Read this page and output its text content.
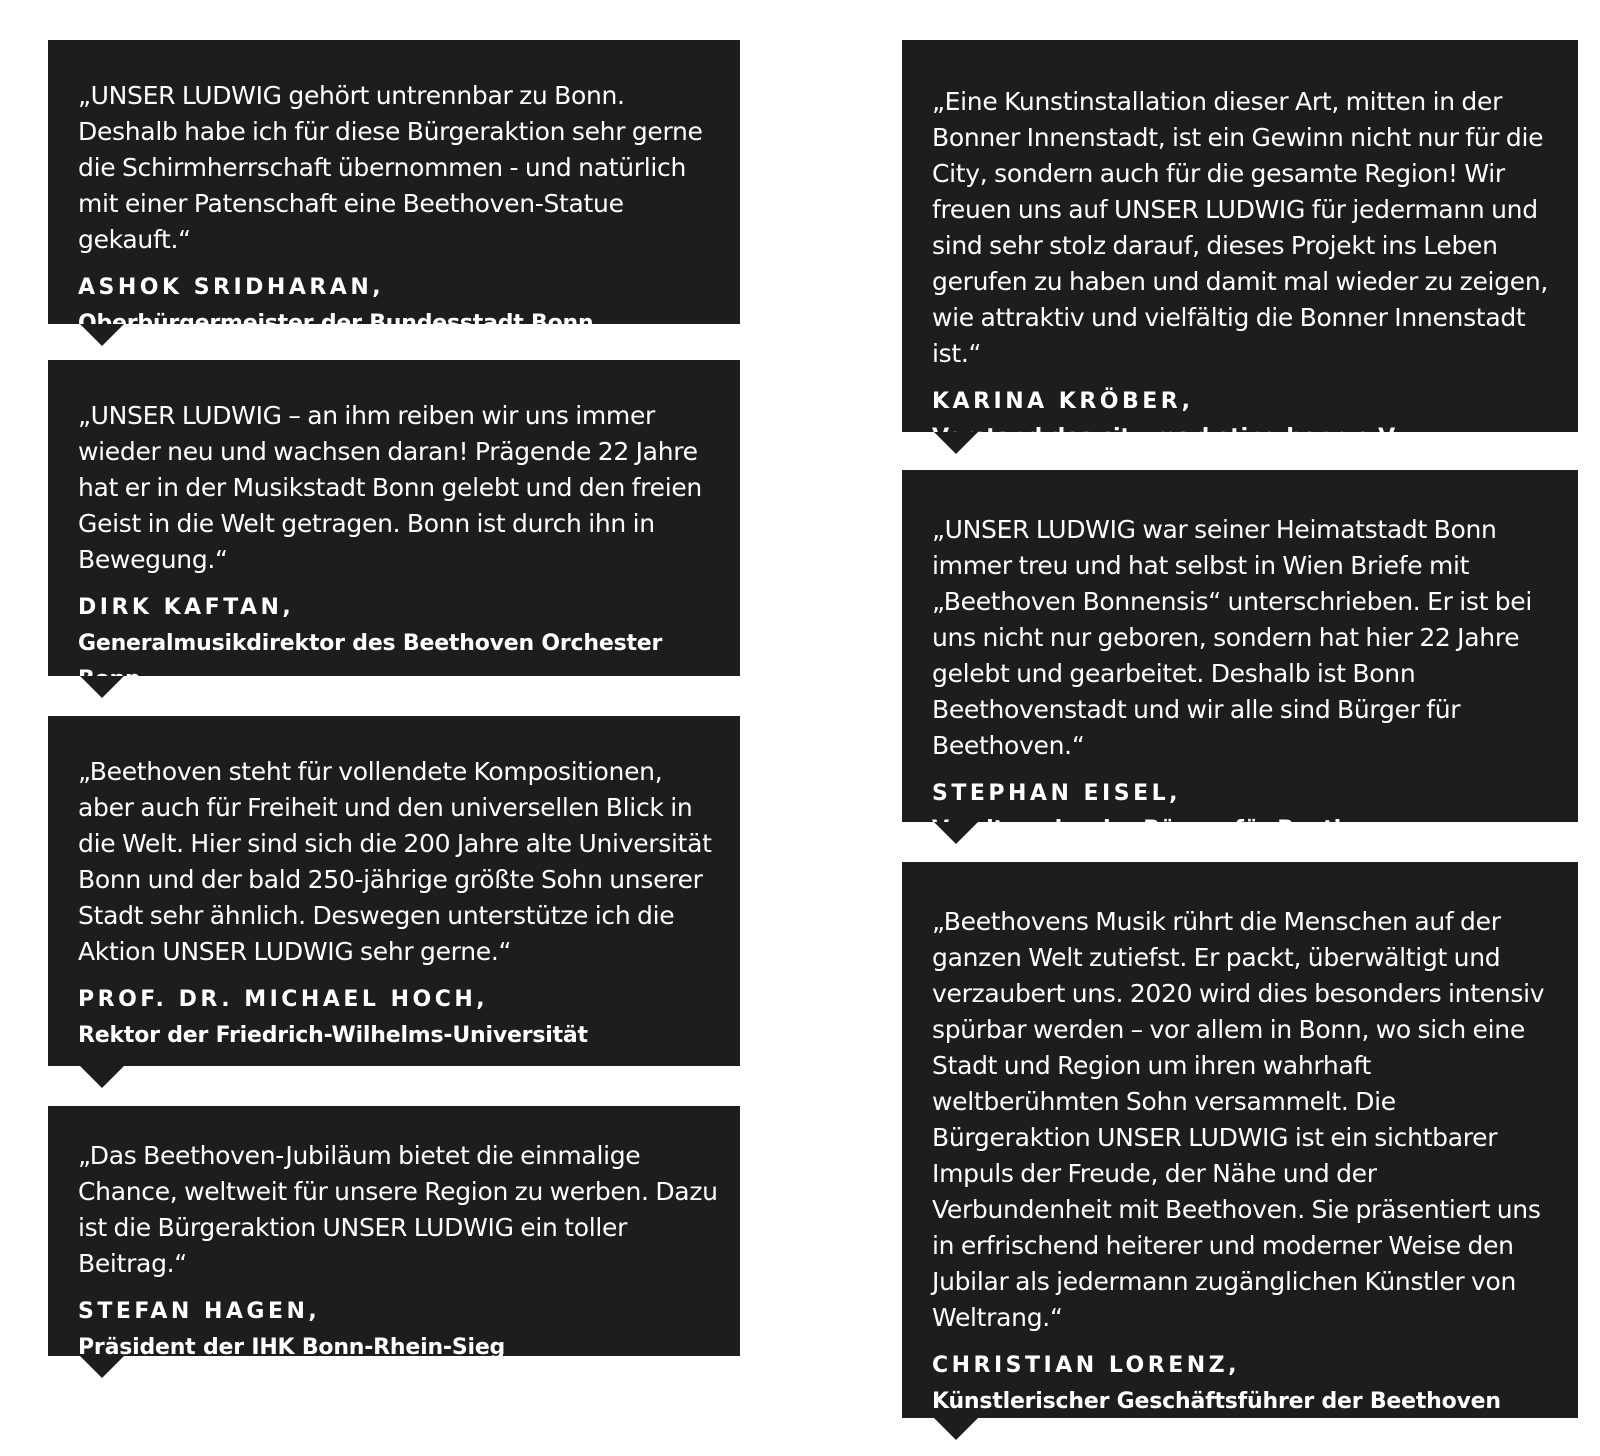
„UNSER LUDWIG gehört untrennbar zu Bonn. Deshalb habe ich für diese Bürgeraktion sehr gerne die Schirmherrschaft übernommen - und natürlich mit einer Patenschaft eine Beethoven-Statue gekauft.“

ASHOK SRIDHARAN,

Oberbürgermeister der Bundesstadt Bonn.

„UNSER LUDWIG – an ihm reiben wir uns immer wieder neu und wachsen daran! Prägende 22 Jahre hat er in der Musikstadt Bonn gelebt und den freien Geist in die Welt getragen. Bonn ist durch ihn in Bewegung.“

DIRK KAFTAN,

Generalmusikdirektor des Beethoven Orchester Bonn

„Beethoven steht für vollendete Kompositionen, aber auch für Freiheit und den universellen Blick in die Welt. Hier sind sich die 200 Jahre alte Universität Bonn und der bald 250-jährige größte Sohn unserer Stadt sehr ähnlich. Deswegen unterstütze ich die Aktion UNSER LUDWIG sehr gerne.“

PROF. DR. MICHAEL HOCH,

Rektor der Friedrich-Wilhelms-Universität

„Das Beethoven-Jubiläum bietet die einmalige Chance, weltweit für unsere Region zu werben. Dazu ist die Bürgeraktion UNSER LUDWIG ein toller Beitrag.“

STEFAN HAGEN,

Präsident der IHK Bonn-Rhein-Sieg

„Eine Kunstinstallation dieser Art, mitten in der Bonner Innenstadt, ist ein Gewinn nicht nur für die City, sondern auch für die gesamte Region! Wir freuen uns auf UNSER LUDWIG für jedermann und sind sehr stolz darauf, dieses Projekt ins Leben gerufen zu haben und damit mal wieder zu zeigen, wie attraktiv und vielfältig die Bonner Innenstadt ist.“

KARINA KRÖBER,

Vorstand des city-marketing bonn e.V.

„UNSER LUDWIG war seiner Heimatstadt Bonn immer treu und hat selbst in Wien Briefe mit „Beethoven Bonnensis“ unterschrieben. Er ist bei uns nicht nur geboren, sondern hat hier 22 Jahre gelebt und gearbeitet. Deshalb ist Bonn Beethovenstadt und wir alle sind Bürger für Beethoven.“

STEPHAN EISEL,

Vorsitzender der Bürger für Beethoven

„Beethovens Musik rührt die Menschen auf der ganzen Welt zutiefst. Er packt, überwältigt und verzaubert uns. 2020 wird dies besonders intensiv spürbar werden – vor allem in Bonn, wo sich eine Stadt und Region um ihren wahrhaft weltberühmten Sohn versammelt. Die Bürgeraktion UNSER LUDWIG ist ein sichtbarer Impuls der Freude, der Nähe und der Verbundenheit mit Beethoven. Sie präsentiert uns in erfrischend heiterer und moderner Weise den Jubilar als jedermann zugänglichen Künstler von Weltrang.“

CHRISTIAN LORENZ,

Künstlerischer Geschäftsführer der Beethoven Jubiläumsgesellschaft
